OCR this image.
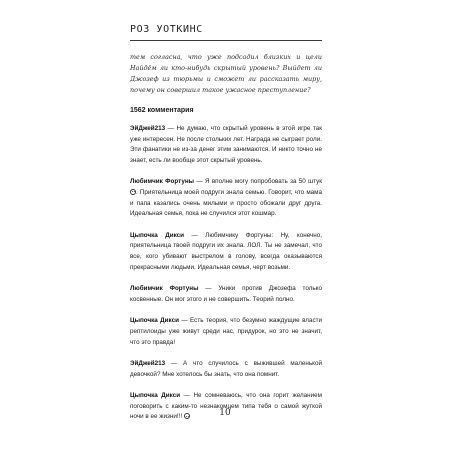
РОЗ УОТКИНС

тем согласна, что уже подсадил близких и цели Найдём ли кто-нибудь скрытый уровень? Выйдет ли Джозеф из тюрьмы и сможет ли рассказать миру, почему он совершил такое ужасное преступление?

1562 комментария

ЭйДжей213 — Не думаю, что скрытый уровень в этой игре так уже интересен. Не после стольких лет. Награда не сыграет роли. Эти фанатики не из-за денег этим занимаются. И никто точно не знает, есть ли вообще этот скрытый уровень.

Любимчик Фортуны — Я вполне могу попробовать за 50 штук . Приятельница моей подруги знала семью. Говорит, что мама и папа казались очень милыми и просто обожали друг друга. Идеальная семья, пока не случился этот кошмар.

Цыпочка Дикси — Любимчику Фортуны: Ну, конечно, приятельница твоей подруги их знала. ЛОЛ. Ты не замечал, что все, кого убивают выстрелом в голову, всегда оказываются прекрасными людьми. Идеальная семья, черт возьми.

Любимчик Фортуны — Уники против Джозефа только косвенные. Он мог этого и не совершить. Теорий полно.

Цыпочка Дикси — Есть теория, что безумно жаждущие власти рептилоиды уже живут среди нас, придурок, но это не значит, что это правда!

ЭйДжей213 — А что случилось с выжившей маленькой девочкой? Мне хотелось бы знать, что она помнит.

Цыпочка Дикси — Не сомневаюсь, что она горит желанием поговорить с каким-то незнакомцем типа тебя о самой жуткой ночи в ее жизни!!!	10
